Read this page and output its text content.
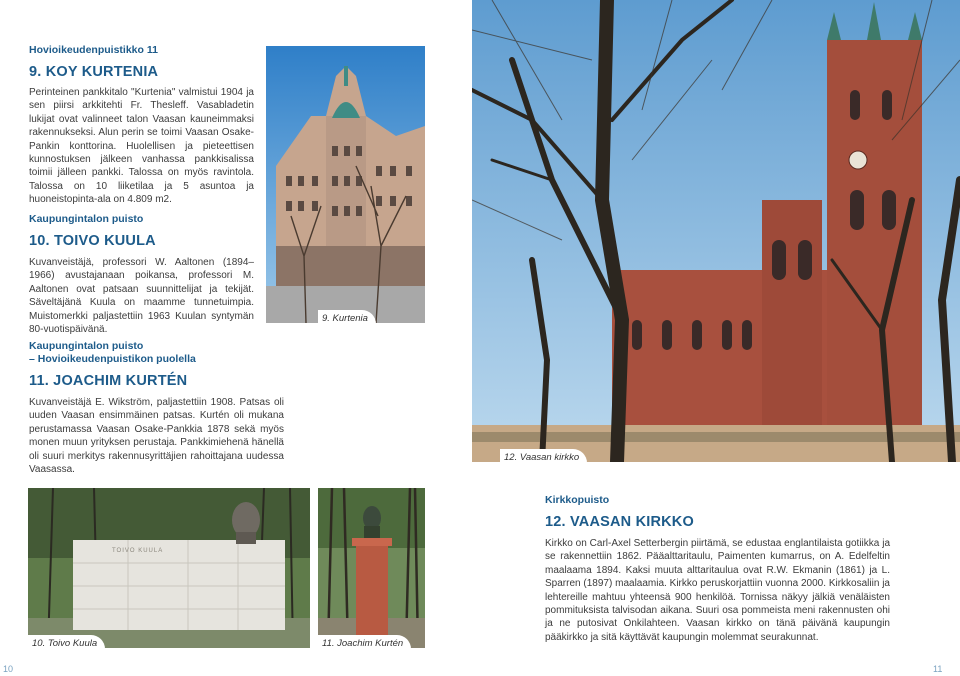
Hovioikeudenpuistikko 11
9. KOY KURTENIA
Perinteinen pankkitalo "Kurtenia" valmistui 1904 ja sen piirsi arkkitehti Fr. Thesleff. Vasabladetin lukijat ovat valinneet talon Vaasan kauneimmaksi rakennukseksi. Alun perin se toimi Vaasan Osake-Pankin konttorina. Huolellisen ja pieteettisen kunnostuksen jälkeen vanhassa pankkisalissa toimii jälleen pankki. Talossa on myös ravintola. Talossa on 10 liiketilaa ja 5 asuntoa ja huoneistopinta-ala on 4.809 m2.
Kaupungintalon puisto
10. TOIVO KUULA
Kuvanveistäjä, professori W. Aaltonen (1894–1966) avustajanaan poikansa, professori M. Aaltonen ovat patsaan suunnittelijat ja tekijät. Säveltäjänä Kuula on maamme tunnetuimpia. Muistomerkki paljastettiin 1963 Kuulan syntymän 80-vuotispäivänä.
Kaupungintalon puisto
– Hovioikeudenpuistikon puolella
11. JOACHIM KURTÉN
Kuvanveistäjä E. Wikström, paljastettiin 1908. Patsas oli uuden Vaasan ensimmäinen patsas. Kurtén oli mukana perustamassa Vaasan Osake-Pankkia 1878 sekä myös monen muun yrityksen perustaja. Pankkimiehenä hänellä oli suuri merkitys rakennusyrittäjien rahoittajana uudessa Vaasassa.
9. Kurtenia
TOIVO KUULA
10. Toivo Kuula	11. Joachim Kurtén
10
12. Vaasan kirkko
Kirkkopuisto
12. VAASAN KIRKKO
Kirkko on Carl-Axel Setterbergin piirtämä, se edustaa englantilaista gotiikka ja se rakennettiin 1862. Pääalttaritaulu, Paimenten kumarrus, on A. Edelfeltin maalaama 1894. Kaksi muuta alttaritaulua ovat R.W. Ekmanin (1861) ja L. Sparren (1897) maalaamia. Kirkko peruskorjattiin vuonna 2000. Kirkkosaliin ja lehtereille mahtuu yhteensä 900 henkilöä. Tornissa näkyy jälkiä venäläisten pommituksista talvisodan aikana. Suuri osa pommeista meni rakennusten ohi ja ne putosivat Onkilahteen. Vaasan kirkko on tänä päivänä kaupungin pääkirkko ja sitä käyttävät kaupungin molemmat seurakunnat.
11
